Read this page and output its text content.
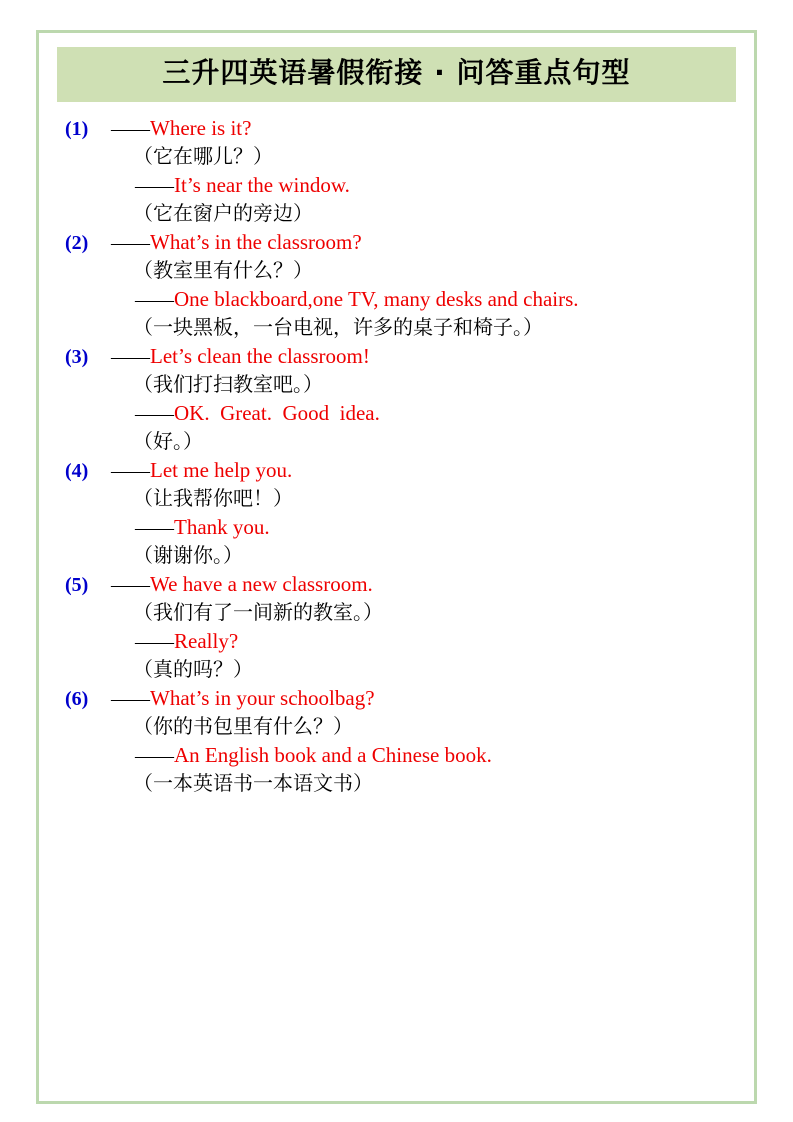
三升四英语暑假衔接 · 问答重点句型
(1)	—— Where is it?
（它在哪儿？）
—— It’s near the window.
（它在窗户的旁边）
(2)	—— What’s in the classroom?
（教室里有什么？）
—— One blackboard,one TV, many desks and chairs.
（一块黑板，一台电视，许多的桌子和椅子。）
(3)	—— Let’s clean the classroom!
（我们打扫教室吧。）
—— OK.  Great.  Good  idea.
（好。）
(4)	—— Let me help you.
（让我帮你吧！）
—— Thank you.
（谢谢你。）
(5)	—— We have a new classroom.
（我们有了一间新的教室。）
—— Really?
（真的吗？）
(6)	—— What’s in your schoolbag?
（你的书包里有什么？）
—— An English book and a Chinese book.
（一本英语书一本语文书）
